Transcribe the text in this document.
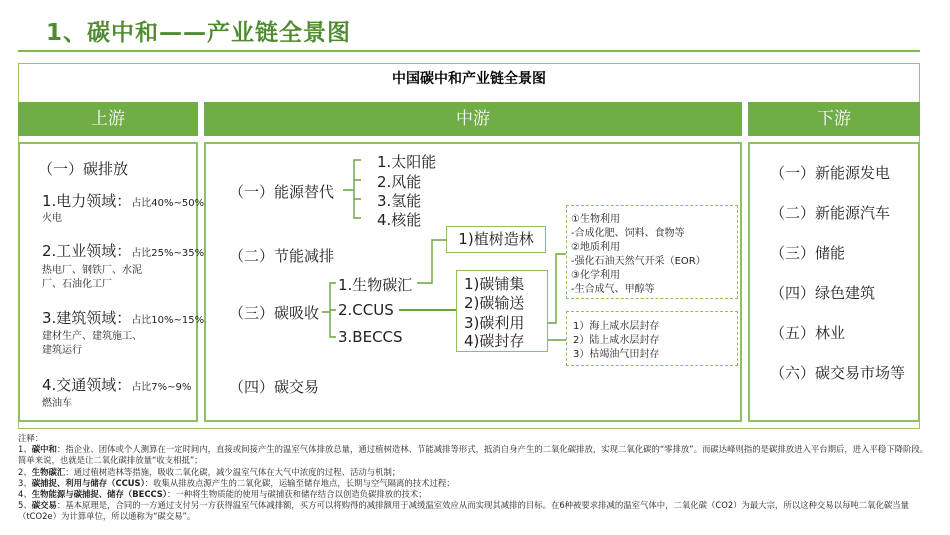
1、碳中和——产业链全景图
中国碳中和产业链全景图
上游	中游	下游
（一）碳排放
1.电力领域：占比40%~50%
火电
2.工业领域：占比25%~35%
热电厂、钢铁厂、水泥
厂、石油化工厂
3.建筑领域：占比10%~15%
建材生产、建筑施工、
建筑运行
4.交通领域：占比7%~9%
燃油车
（一）能源替代
1.太阳能
2.风能
3.氢能
4.核能
（二）节能减排
（三）碳吸收
1.生物碳汇
2.CCUS
3.BECCS
（四）碳交易
1)植树造林
1)碳铺集
2)碳输送
3)碳利用
4)碳封存
①生物利用
-合成化肥、饲料、食物等
②地质利用
-强化石油天然气开采（EOR）
③化学利用
-生合成气、甲醇等
1）海上咸水层封存
2）陆上咸水层封存
3）枯竭油气田封存
（一）新能源发电
（二）新能源汽车
（三）储能
（四）绿色建筑
（五）林业
（六）碳交易市场等
注释：
1、碳中和：指企业、团体或个人测算在一定时间内，直接或间接产生的温室气体排放总量，通过植树造林、节能减排等形式，抵消自身产生的二氧化碳排放，实现二氧化碳的“零排放”。而碳达峰则指的是碳排放进入平台期后，进入平稳下降阶段。简单来说，也就是让二氧化碳排放量“收支相抵”；
2、生物碳汇：通过植树造林等措施，吸收二氧化碳，减少温室气体在大气中浓度的过程、活动与机制；
3、碳捕捉、利用与储存（CCUS）：收集从排放点源产生的二氧化碳，运输至储存地点，长期与空气隔离的技术过程；
4、生物能源与碳捕捉、储存（BECCS）：一种将生物质能的使用与碳捕获和储存结合以创造负碳排放的技术；
5、碳交易：基本原理是，合同的一方通过支付另一方获得温室气体减排额，买方可以将购得的减排额用于减缓温室效应从而实现其减排的目标。在6种被要求排减的温室气体中，二氧化碳（CO2）为最大宗，所以这种交易以每吨二氧化碳当量（tCO2e）为计算单位，所以通称为“碳交易”。
